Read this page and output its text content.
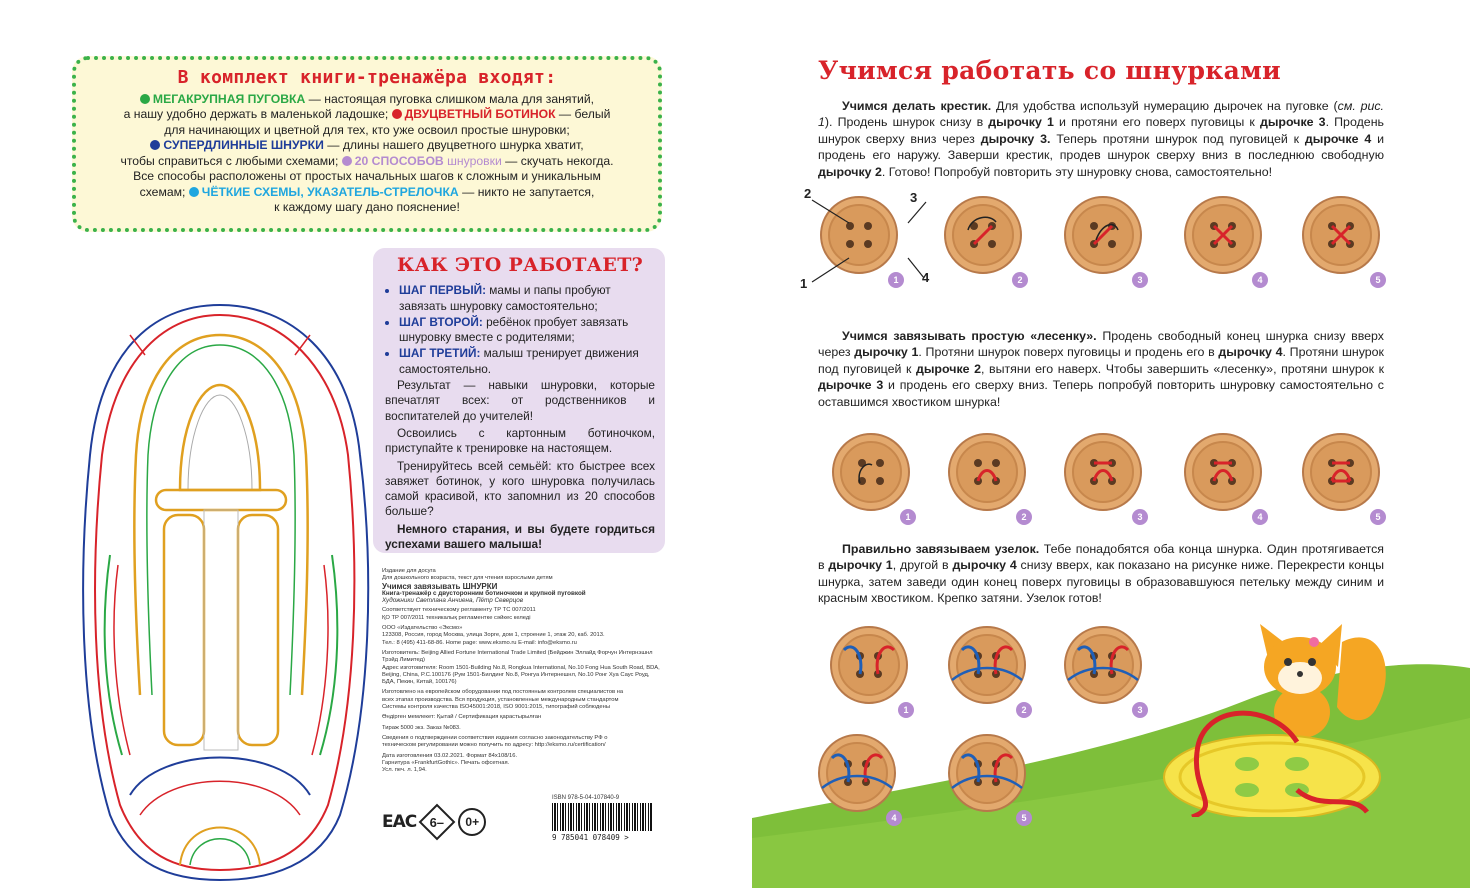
В комплект книги-тренажёра входят:
МЕГАКРУПНАЯ ПУГОВКА — настоящая пуговка слишком мала для занятий,
а нашу удобно держать в маленькой ладошке; ДВУЦВЕТНЫЙ БОТИНОК — белый
для начинающих и цветной для тех, кто уже освоил простые шнуровки;
СУПЕРДЛИННЫЕ ШНУРКИ — длины нашего двуцветного шнурка хватит,
чтобы справиться с любыми схемами; 20 СПОСОБОВ шнуровки — скучать некогда.
Все способы расположены от простых начальных шагов к сложным и уникальным
схемам; ЧЁТКИЕ СХЕМЫ, УКАЗАТЕЛЬ-СТРЕЛОЧКА — никто не запутается,
к каждому шагу дано пояснение!
КАК ЭТО РАБОТАЕТ?
• ШАГ ПЕРВЫЙ: мамы и папы пробуют завязать шнуровку самостоятельно;
• ШАГ ВТОРОЙ: ребёнок пробует завязать шнуровку вместе с родителями;
• ШАГ ТРЕТИЙ: малыш тренирует движения самостоятельно.

Результат — навыки шнуровки, которые впечатлят всех: от родственников и воспитателей до учителей!

Освоились с картонным ботиночком, приступайте к тренировке на настоящем.

Тренируйтесь всей семьёй: кто быстрее всех завяжет ботинок, у кого шнуровка получилась самой красивой, кто запомнил из 20 способов больше?

Немного старания, и вы будете гордиться успехами вашего малыша!

Издание для досуга
Для дошкольного возраста, текст для чтения взрослыми детям
Учимся завязывать ШНУРКИ
Книга-тренажёр с двусторонним ботиночком и крупной пуговкой
Художники Светлана Анчиена, Пётр Северцов
Соответствует техническому регламенту ТР ТС 007/2011
ҚО ТР 007/2011 техникалық регламентке сәйкес келеді
ООО «Издательство «Эксмо»
123308, Россия, город Москва, улица Зорге, дом 1, строение 1, этаж 20, каб. 2013.
Тел.: 8 (495) 411-68-86. Home page: www.eksmo.ru E-mail: info@eksmo.ru
Изготовитель: Beijing Allied Fortune International Trade Limited (Бейджин Эллайд Форчун Интернэшнл Трэйд Лимитед)
Адрес изготовителя: Room 1501-Building No.8, Rongkua International, No.10 Fong Hua South Road, BDA, Beijing, China, P.C.100176 (Рум 1501-Билдинг No.8, Ронгуа Интернешнл, No.10 Ронг Хуа Саус Роуд, БДА, Пекин, Китай, 100176)
Изготовлено на европейском оборудовании под постоянным контролем специалистов на всех этапах производства. Вся продукция, установленные международным стандартом Системы контроля качества ISO45001:2018, ISO 9001:2015, типографий соблюдены
Өндірген мемлекет: Қытай / Сертификация қарастырылған
Тираж 5000 экз. Заказ №083.
Сведения о подтверждении соответствия издания согласно законодательству РФ о техническом регулировании можно получить по адресу: http://eksmo.ru/certification/
Дата изготовления 03.02.2021. Формат 84х108/16.
Гарнитура «FrankfurtGothic». Печать офсетная.
Усл. печ. л. 1,94.
ISBN 978-5-04-107840-9
9 785041 078409 >
EAC 6–	0+
Учимся работать со шнурками
Учимся делать крестик. Для удобства используй нумерацию дырочек на пуговке (см. рис. 1). Продень шнурок снизу в дырочку 1 и протяни его поверх пуговицы к дырочке 3. Продень шнурок сверху вниз через дырочку 3. Теперь протяни шнурок под пуговицей к дырочке 4 и продень его наружу. Заверши крестик, продев шнурок сверху вниз в последнюю свободную дырочку 2. Готово! Попробуй повторить эту шнуровку снова, самостоятельно!
Учимся завязывать простую «лесенку». Продень свободный конец шнурка снизу вверх через дырочку 1. Протяни шнурок поверх пуговицы и продень его в дырочку 4. Протяни шнурок под пуговицей к дырочке 2, вытяни его наверх. Чтобы завершить «лесенку», протяни шнурок к дырочке 3 и продень его сверху вниз. Теперь попробуй повторить шнуровку самостоятельно с оставшимся хвостиком шнурка!
Правильно завязываем узелок. Тебе понадобятся оба конца шнурка. Один протягивается в дырочку 1, другой в дырочку 4 снизу вверх, как показано на рисунке ниже. Перекрести концы шнурка, затем заведи один конец поверх пуговицы в образовавшуюся петельку между синим и красным хвостиком. Крепко затяни. Узелок готов!
1	2	3	4	5
1	2	3	4	5
1	2	3
4	5
1
2	3
4
